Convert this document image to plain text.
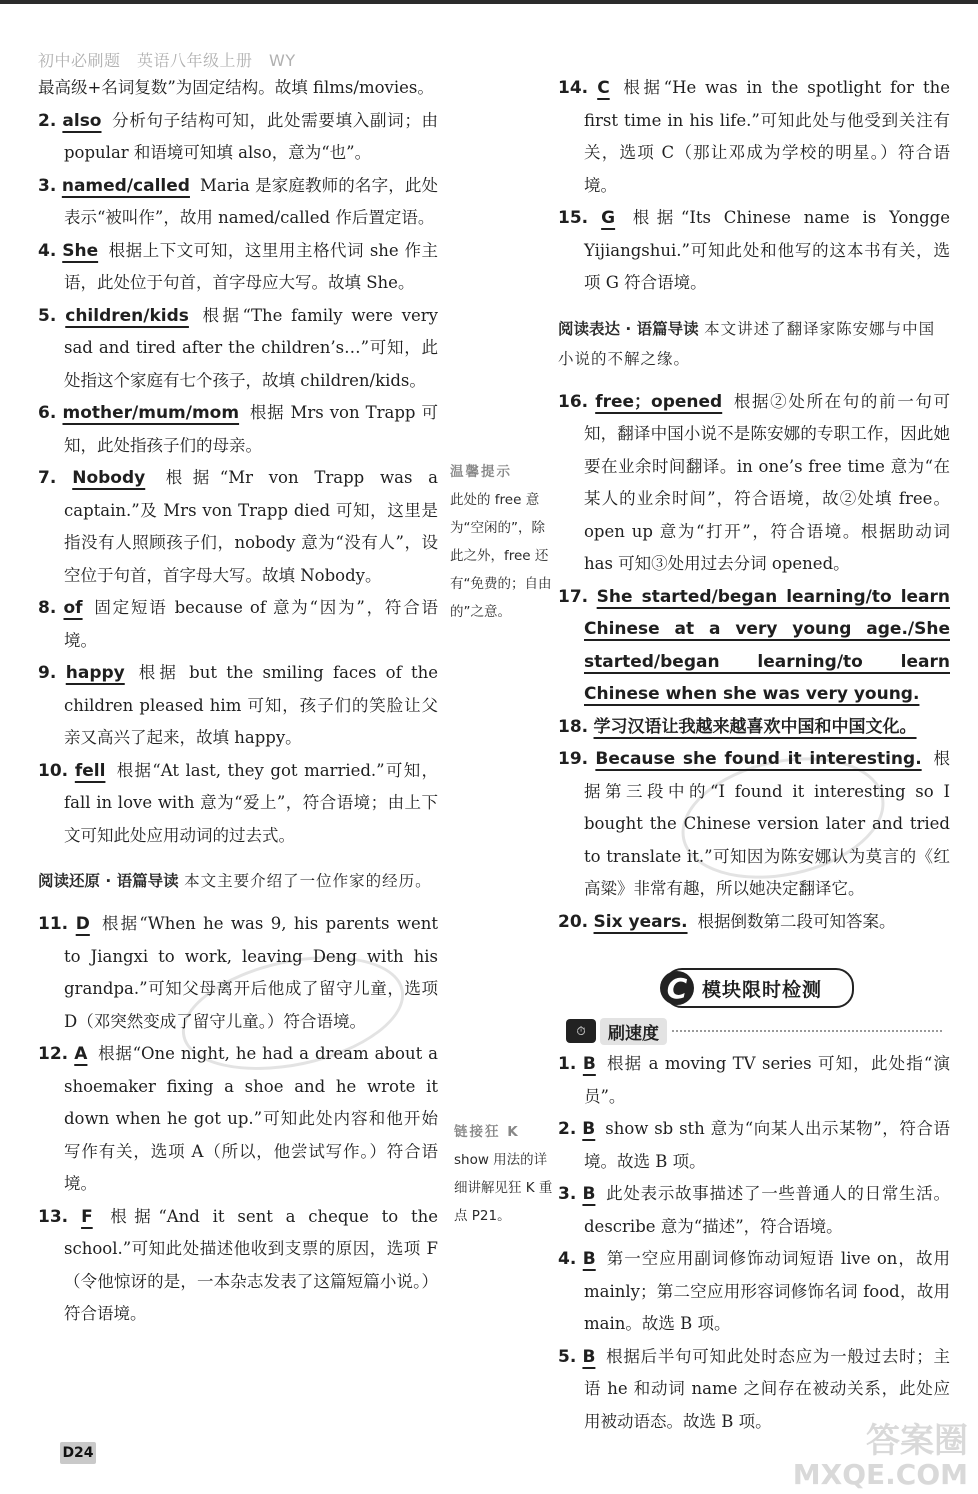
初中必刷题　英语八年级上册　WY

最高级+名词复数”为固定结构。故填 films/movies。

2. also 分析句子结构可知，此处需要填入副词；由 popular 和语境可知填 also，意为“也”。

3. named/called Maria 是家庭教师的名字，此处表示“被叫作”，故用 named/called 作后置定语。

4. She 根据上下文可知，这里用主格代词 she 作主语，此处位于句首，首字母应大写。故填 She。

5. children/kids 根据“The family were very sad and tired after the children’s…”可知，此处指这个家庭有七个孩子，故填 children/kids。

6. mother/mum/mom 根据 Mrs von Trapp 可知，此处指孩子们的母亲。

7. Nobody 根据“Mr von Trapp was a captain.”及 Mrs von Trapp died 可知，这里是指没有人照顾孩子们，nobody 意为“没有人”，设空位于句首，首字母大写。故填 Nobody。

8. of 固定短语 because of 意为“因为”，符合语境。

9. happy 根据 but the smiling faces of the children pleased him 可知，孩子们的笑脸让父亲又高兴了起来，故填 happy。

10. fell 根据“At last, they got married.”可知，fall in love with 意为“爱上”，符合语境；由上下文可知此处应用动词的过去式。

阅读还原 · 语篇导读 本文主要介绍了一位作家的经历。

11. D 根据“When he was 9, his parents went to Jiangxi to work, leaving Deng with his grandpa.”可知父母离开后他成了留守儿童，选项 D（邓突然变成了留守儿童。）符合语境。

12. A 根据“One night, he had a dream about a shoemaker fixing a shoe and he wrote it down when he got up.”可知此处内容和他开始写作有关，选项 A（所以，他尝试写作。）符合语境。

13. F 根据“And it sent a cheque to the school.”可知此处描述他收到支票的原因，选项 F（令他惊讶的是，一本杂志发表了这篇短篇小说。）符合语境。

温馨提示
此处的 free 意为“空闲的”，除此之外，free 还有“免费的；自由的”之意。
链接狂 K
show 用法的详细讲解见狂 K 重点 P21。

14. C 根据“He was in the spotlight for the first time in his life.”可知此处与他受到关注有关，选项 C（那让邓成为学校的明星。）符合语境。

15. G 根据“Its Chinese name is Yongge Yijiangshui.”可知此处和他写的这本书有关，选项 G 符合语境。

阅读表达 · 语篇导读 本文讲述了翻译家陈安娜与中国小说的不解之缘。

16. free；opened 根据②处所在句的前一句可知，翻译中国小说不是陈安娜的专职工作，因此她要在业余时间翻译。in one’s free time 意为“在某人的业余时间”，符合语境，故②处填 free。open up 意为“打开”，符合语境。根据助动词 has 可知③处用过去分词 opened。

17. She started/began learning/to learn Chinese at a very young age./She started/began learning/to learn Chinese when she was very young.

18. 学习汉语让我越来越喜欢中国和中国文化。

19. Because she found it interesting. 根据第三段中的“I found it interesting so I bought the Chinese version later and tried to translate it.”可知因为陈安娜认为莫言的《红高粱》非常有趣，所以她决定翻译它。

20. Six years. 根据倒数第二段可知答案。

C 模块限时检测
⏱	刷速度

1. B 根据 a moving TV series 可知，此处指“演员”。

2. B show sb sth 意为“向某人出示某物”，符合语境。故选 B 项。

3. B 此处表示故事描述了一些普通人的日常生活。describe 意为“描述”，符合语境。

4. B 第一空应用副词修饰动词短语 live on，故用 mainly；第二空应用形容词修饰名词 food，故用 main。故选 B 项。

5. B 根据后半句可知此处时态应为一般过去时；主语 he 和动词 name 之间存在被动关系，此处应用被动语态。故选 B 项。

D24	答案圈
MXQE.COM
